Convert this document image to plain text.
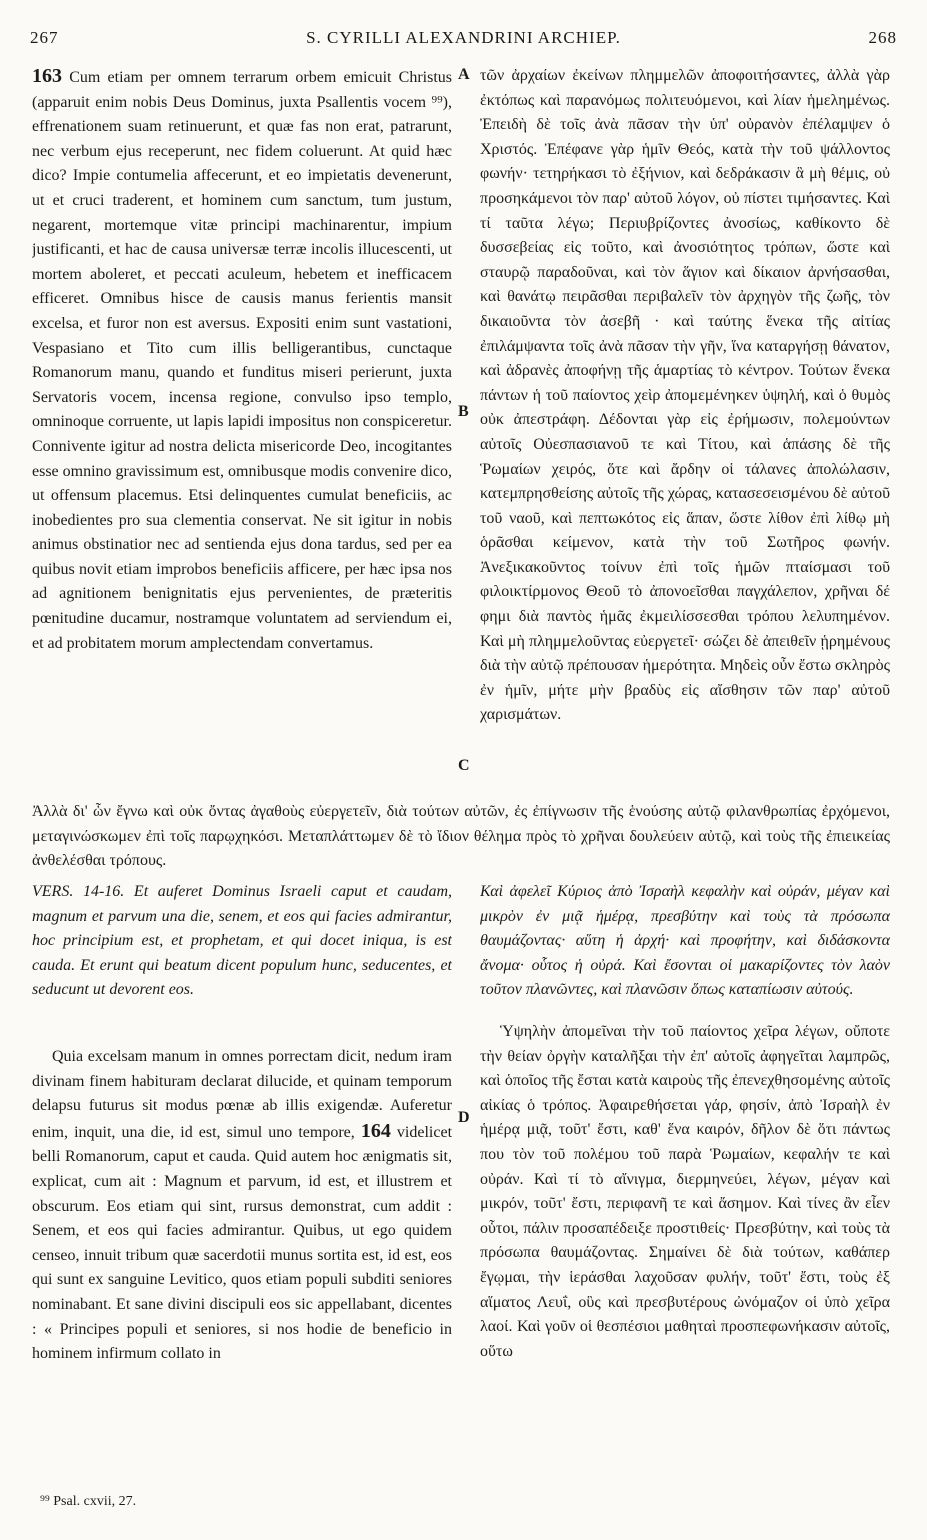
267	S. CYRILLI ALEXANDRINI ARCHIEP.	268

163 Cum etiam per omnem terrarum orbem emicuit Christus (apparuit enim nobis Deus Dominus, juxta Psallentis vocem ⁹⁹), effrenationem suam retinuerunt, et quæ fas non erat, patrarunt, nec verbum ejus receperunt, nec fidem coluerunt. At quid hæc dico? Impie contumelia affecerunt, et eo impietatis devenerunt, ut et cruci traderent, et hominem cum sanctum, tum justum, negarent, mortemque vitæ principi machinarentur, impium justificanti, et hac de causa universæ terræ incolis illucescenti, ut mortem aboleret, et peccati aculeum, hebetem et inefficacem efficeret. Omnibus hisce de causis manus ferientis mansit excelsa, et furor non est aversus. Expositi enim sunt vastationi, Vespasiano et Tito cum illis belligerantibus, cunctaque Romanorum manu, quando et funditus miseri perierunt, juxta Servatoris vocem, incensa regione, convulso ipso templo, omninoque corruente, ut lapis lapidi impositus non conspiceretur. Connivente igitur ad nostra delicta misericorde Deo, incogitantes esse omnino gravissimum est, omnibusque modis convenire dico, ut offensum placemus. Etsi delinquentes cumulat beneficiis, ac inobedientes pro sua clementia conservat. Ne sit igitur in nobis animus obstinatior nec ad sentienda ejus dona tardus, sed per ea quibus novit etiam improbos beneficiis afficere, per hæc ipsa nos ad agnitionem benignitatis ejus pervenientes, de præteritis pœnitudine ducamur, nostramque voluntatem ad serviendum ei, et ad probitatem morum amplectendam convertamus.

τῶν ἀρχαίων ἐκείνων πλημμελῶν ἀποφοιτήσαντες, ἀλλὰ γὰρ ἐκτόπως καὶ παρανόμως πολιτευόμενοι, καὶ λίαν ἡμελημένως. Ἐπειδὴ δὲ τοῖς ἀνὰ πᾶσαν τὴν ὑπ' οὐρανὸν ἐπέλαμψεν ὁ Χριστός. Ἐπέφανε γὰρ ἡμῖν Θεός, κατὰ τὴν τοῦ ψάλλοντος φωνήν· τετηρήκασι τὸ ἐξήνιον, καὶ δεδράκασιν ἃ μὴ θέμις, οὐ προσηκάμενοι τὸν παρ' αὐτοῦ λόγον, οὐ πίστει τιμήσαντες. Καὶ τί ταῦτα λέγω; Περιυβρίζοντες ἀνοσίως, καθίκοντο δὲ δυσσεβείας εἰς τοῦτο, καὶ ἀνοσιότητος τρόπων, ὥστε καὶ σταυρῷ παραδοῦναι, καὶ τὸν ἅγιον καὶ δίκαιον ἀρνήσασθαι, καὶ θανάτῳ πειρᾶσθαι περιβαλεῖν τὸν ἀρχηγὸν τῆς ζωῆς, τὸν δικαιοῦντα τὸν ἀσεβῆ · καὶ ταύτης ἕνεκα τῆς αἰτίας ἐπιλάμψαντα τοῖς ἀνὰ πᾶσαν τὴν γῆν, ἵνα καταργήσῃ θάνατον, καὶ ἀδρανὲς ἀποφήνῃ τῆς ἁμαρτίας τὸ κέντρον. Τούτων ἕνεκα πάντων ἡ τοῦ παίοντος χεὶρ ἀπομεμένηκεν ὑψηλή, καὶ ὁ θυμὸς οὐκ ἀπεστράφη. Δέδονται γὰρ εἰς ἐρήμωσιν, πολεμούντων αὐτοῖς Οὐεσπασιανοῦ τε καὶ Τίτου, καὶ ἁπάσης δὲ τῆς Ῥωμαίων χειρός, ὅτε καὶ ἄρδην οἱ τάλανες ἀπολώλασιν, κατεμπρησθείσης αὐτοῖς τῆς χώρας, κατασεσεισμένου δὲ αὐτοῦ τοῦ ναοῦ, καὶ πεπτωκότος εἰς ἅπαν, ὥστε λίθον ἐπὶ λίθῳ μὴ ὁρᾶσθαι κείμενον, κατὰ τὴν τοῦ Σωτῆρος φωνήν. Ἀνεξικακοῦντος τοίνυν ἐπὶ τοῖς ἡμῶν πταίσμασι τοῦ φιλοικτίρμονος Θεοῦ τὸ ἀπονοεῖσθαι παγχάλεπον, χρῆναι δέ φημι διὰ παντὸς ἡμᾶς ἐκμειλίσσεσθαι τρόπου λελυπημένον. Καὶ μὴ πλημμελοῦντας εὐεργετεῖ· σώζει δὲ ἀπειθεῖν ᾑρημένους διὰ τὴν αὐτῷ πρέπουσαν ἡμερότητα. Μηδεὶς οὖν ἔστω σκληρὸς ἐν ἡμῖν, μήτε μὴν βραδὺς εἰς αἴσθησιν τῶν παρ' αὐτοῦ χαρισμάτων.

Ἀλλὰ δι' ὧν ἔγνω καὶ οὐκ ὄντας ἀγαθοὺς εὐεργετεῖν, διὰ τούτων αὐτῶν, ἐς ἐπίγνωσιν τῆς ἑνούσης αὐτῷ φιλανθρωπίας ἐρχόμενοι, μεταγινώσκωμεν ἐπὶ τοῖς παρῳχηκόσι. Μεταπλάττωμεν δὲ τὸ ἴδιον θέλημα πρὸς τὸ χρῆναι δουλεύειν αὐτῷ, καὶ τοὺς τῆς ἐπιεικείας ἀνθελέσθαι τρόπους.

VERS. 14-16. Et auferet Dominus Israeli caput et caudam, magnum et parvum una die, senem, et eos qui facies admirantur, hoc principium est, et prophetam, et qui docet iniqua, is est cauda. Et erunt qui beatum dicent populum hunc, seducentes, et seducunt ut devorent eos.

Καὶ ἀφελεῖ Κύριος ἀπὸ Ἰσραὴλ κεφαλὴν καὶ οὐράν, μέγαν καὶ μικρὸν ἐν μιᾷ ἡμέρᾳ, πρεσβύτην καὶ τοὺς τὰ πρόσωπα θαυμάζοντας· αὕτη ἡ ἀρχή· καὶ προφήτην, καὶ διδάσκοντα ἄνομα· οὗτος ἡ οὐρά. Καὶ ἔσονται οἱ μακαρίζοντες τὸν λαὸν τοῦτον πλανῶντες, καὶ πλανῶσιν ὅπως καταπίωσιν αὐτούς.

Quia excelsam manum in omnes porrectam dicit, nedum iram divinam finem habituram declarat dilucide, et quinam temporum delapsu futurus sit modus pœnæ ab illis exigendæ. Auferetur enim, inquit, una die, id est, simul uno tempore, 164 videlicet belli Romanorum, caput et cauda. Quid autem hoc ænigmatis sit, explicat, cum ait : Magnum et parvum, id est, et illustrem et obscurum. Eos etiam qui sint, rursus demonstrat, cum addit : Senem, et eos qui facies admirantur. Quibus, ut ego quidem censeo, innuit tribum quæ sacerdotii munus sortita est, id est, eos qui sunt ex sanguine Levitico, quos etiam populi subditi seniores nominabant. Et sane divini discipuli eos sic appellabant, dicentes : « Principes populi et seniores, si nos hodie de beneficio in hominem infirmum collato in

Ὑψηλὴν ἀπομεῖναι τὴν τοῦ παίοντος χεῖρα λέγων, οὔποτε τὴν θείαν ὀργὴν καταλῆξαι τὴν ἐπ' αὐτοῖς ἀφηγεῖται λαμπρῶς, καὶ ὁποῖος τῆς ἔσται κατὰ καιροὺς τῆς ἐπενεχθησομένης αὐτοῖς αἰκίας ὁ τρόπος. Ἀφαιρεθήσεται γάρ, φησίν, ἀπὸ Ἰσραὴλ ἐν ἡμέρᾳ μιᾷ, τοῦτ' ἔστι, καθ' ἕνα καιρόν, δῆλον δὲ ὅτι πάντως που τὸν τοῦ πολέμου τοῦ παρὰ Ῥωμαίων, κεφαλήν τε καὶ οὐράν. Καὶ τί τὸ αἴνιγμα, διερμηνεύει, λέγων, μέγαν καὶ μικρόν, τοῦτ' ἔστι, περιφανῆ τε καὶ ἄσημον. Καὶ τίνες ἂν εἶεν οὗτοι, πάλιν προσαπέδειξε προστιθείς· Πρεσβύτην, καὶ τοὺς τὰ πρόσωπα θαυμάζοντας. Σημαίνει δὲ διὰ τούτων, καθάπερ ἔγῳμαι, τὴν ἱεράσθαι λαχοῦσαν φυλήν, τοῦτ' ἔστι, τοὺς ἐξ αἵματος Λευΐ, οὓς καὶ πρεσβυτέρους ὠνόμαζον οἱ ὑπὸ χεῖρα λαοί. Καὶ γοῦν οἱ θεσπέσιοι μαθηταὶ προσπεφωνήκασιν αὐτοῖς, οὕτω

A
B
C
D
⁹⁹ Psal. cxvii, 27.
